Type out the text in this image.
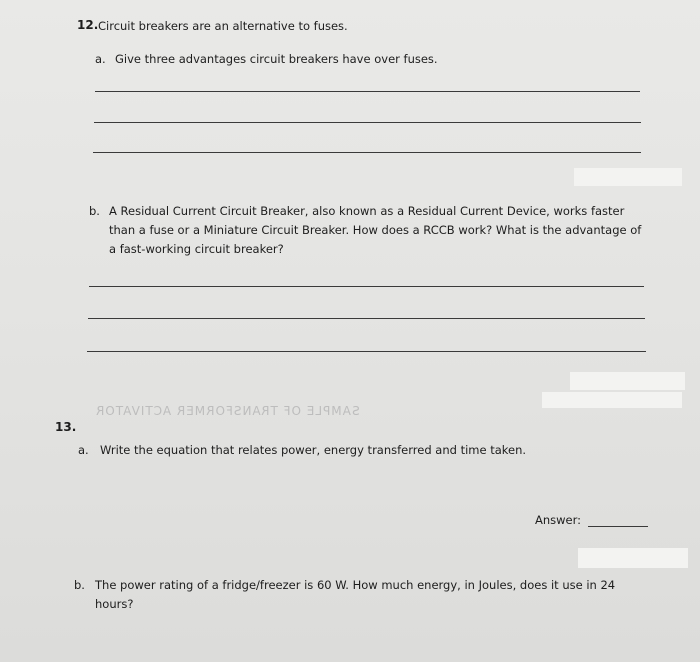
12. Circuit breakers are an alternative to fuses.
a. Give three advantages circuit breakers have over fuses.
b. A Residual Current Circuit Breaker, also known as a Residual Current Device, works faster
than a fuse or a Miniature Circuit Breaker. How does a RCCB work? What is the advantage of
a fast-working circuit breaker?
SAMPLE OF TRANSFORMER ACTIVATOR
13.
a. Write the equation that relates power, energy transferred and time taken.
Answer:
b. The power rating of a fridge/freezer is 60 W. How much energy, in Joules, does it use in 24
hours?
